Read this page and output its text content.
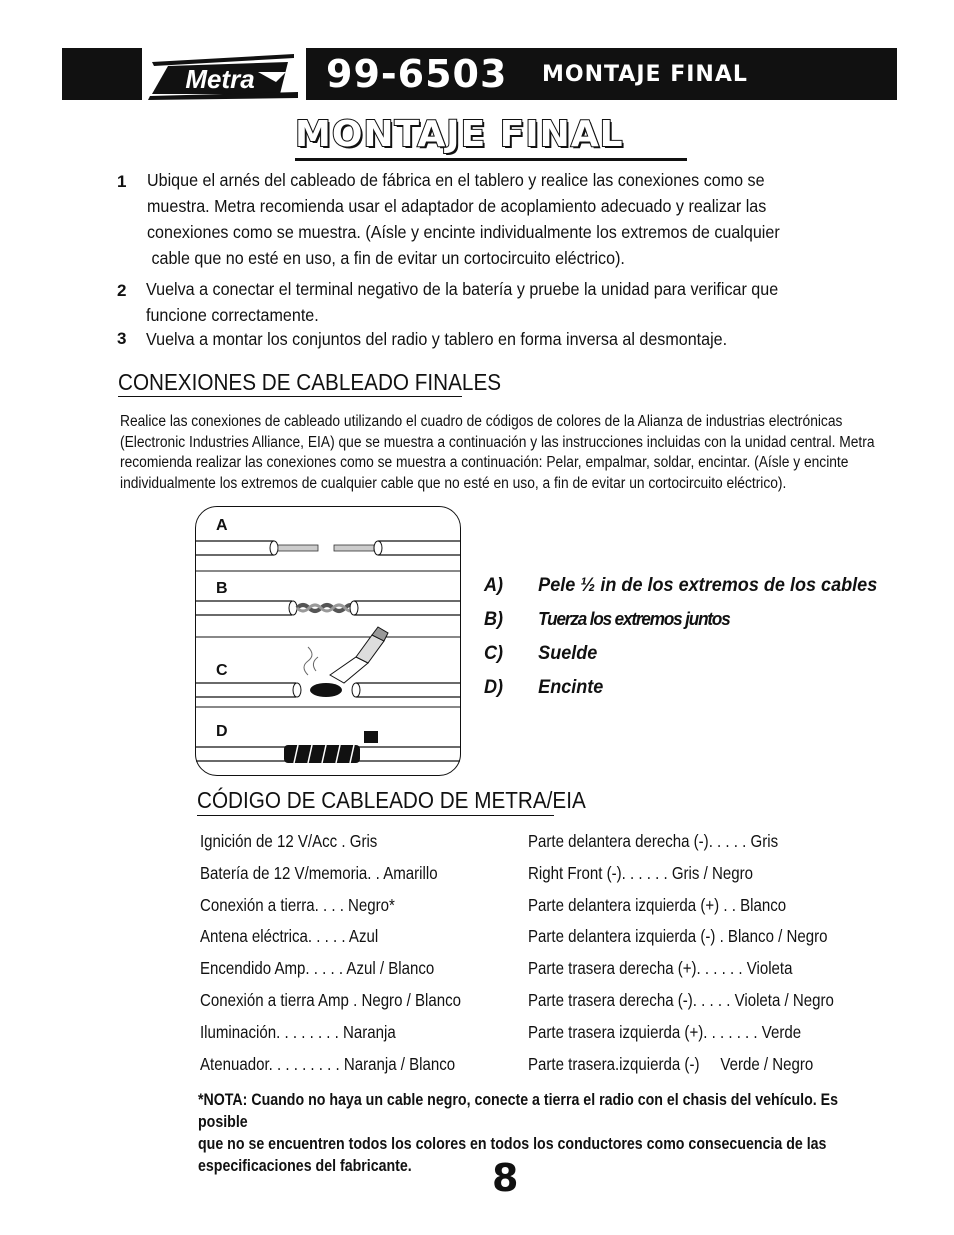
Metra 99-6503 MONTAJE FINAL
MONTAJE FINAL
1 Ubique el arnés del cableado de fábrica en el tablero y realice las conexiones como se
muestra. Metra recomienda usar el adaptador de acoplamiento adecuado y realizar las
conexiones como se muestra. (Aísle y encinte individualmente los extremos de cualquier
cable que no esté en uso, a fin de evitar un cortocircuito eléctrico).
2 Vuelva a conectar el terminal negativo de la batería y pruebe la unidad para verificar que
funcione correctamente.
3 Vuelva a montar los conjuntos del radio y tablero en forma inversa al desmontaje.
CONEXIONES DE CABLEADO FINALES
Realice las conexiones de cableado utilizando el cuadro de códigos de colores de la Alianza de industrias electrónicas
(Electronic Industries Alliance, EIA) que se muestra a continuación y las instrucciones incluidas con la unidad central. Metra
recomienda realizar las conexiones como se muestra a continuación: Pelar, empalmar, soldar, encintar. (Aísle y encinte
individualmente los extremos de cualquier cable que no esté en uso, a fin de evitar un cortocircuito eléctrico).
A
B
C
D
A) Pele ½ in de los extremos de los cables
B) Tuerza los extremos juntos
C) Suelde
D) Encinte
CÓDIGO DE CABLEADO DE METRA/EIA
Ignición de 12 V/Acc . Gris
Batería de 12 V/memoria. . Amarillo
Conexión a tierra. . . . Negro*
Antena eléctrica. . . . . Azul
Encendido Amp. . . . . Azul / Blanco
Conexión a tierra Amp . Negro / Blanco
Iluminación. . . . . . . . Naranja
Atenuador. . . . . . . . . Naranja / Blanco
Parte delantera derecha (-). . . . . Gris
Right Front (-). . . . . . Gris / Negro
Parte delantera izquierda (+) . . Blanco
Parte delantera izquierda (-) . Blanco / Negro
Parte trasera derecha (+). . . . . . Violeta
Parte trasera derecha (-). . . . . Violeta / Negro
Parte trasera izquierda (+). . . . . . . Verde
Parte trasera.izquierda (-)     Verde / Negro
*NOTA: Cuando no haya un cable negro, conecte a tierra el radio con el chasis del vehículo. Es posible
que no se encuentren todos los colores en todos los conductores como consecuencia de las
especificaciones del fabricante.	8
